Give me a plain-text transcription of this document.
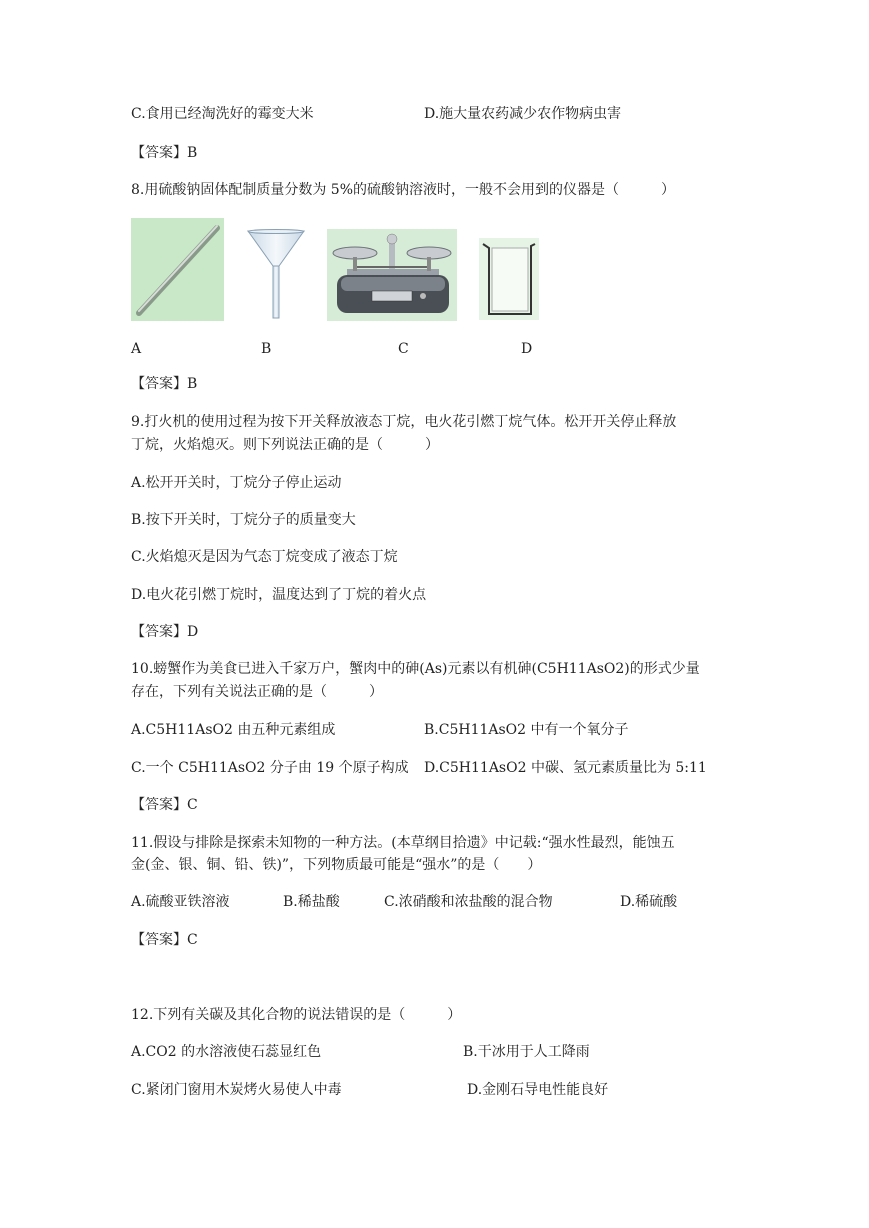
C.食用已经淘洗好的霉变大米	D.施大量农药减少农作物病虫害
【答案】B
8.用硫酸钠固体配制质量分数为 5%的硫酸钠溶液时，一般不会用到的仪器是（　　　）
A	B	C	D
【答案】B
9.打火机的使用过程为按下开关释放液态丁烷，电火花引燃丁烷气体。松开开关停止释放
丁烷，火焰熄灭。则下列说法正确的是（　　　）
A.松开开关时，丁烷分子停止运动
B.按下开关时，丁烷分子的质量变大
C.火焰熄灭是因为气态丁烷变成了液态丁烷
D.电火花引燃丁烷时，温度达到了丁烷的着火点
【答案】D
10.螃蟹作为美食已进入千家万户，蟹肉中的砷(As)元素以有机砷(C5H11AsO2)的形式少量
存在，下列有关说法正确的是（　　　）
A.C5H11AsO2 由五种元素组成	B.C5H11AsO2 中有一个氧分子
C.一个 C5H11AsO2 分子由 19 个原子构成 D.C5H11AsO2 中碳、氢元素质量比为 5:11
【答案】C
11.假设与排除是探索未知物的一种方法。(本草纲目拾遗》中记载:“强水性最烈，能蚀五
金(金、银、铜、铅、铁)”，下列物质最可能是“强水”的是（　　）
A.硫酸亚铁溶液	B.稀盐酸	C.浓硝酸和浓盐酸的混合物	D.稀硫酸
【答案】C
12.下列有关碳及其化合物的说法错误的是（　　　）
A.CO2 的水溶液使石蕊显红色	B.干冰用于人工降雨
C.紧闭门窗用木炭烤火易使人中毒	D.金刚石导电性能良好
